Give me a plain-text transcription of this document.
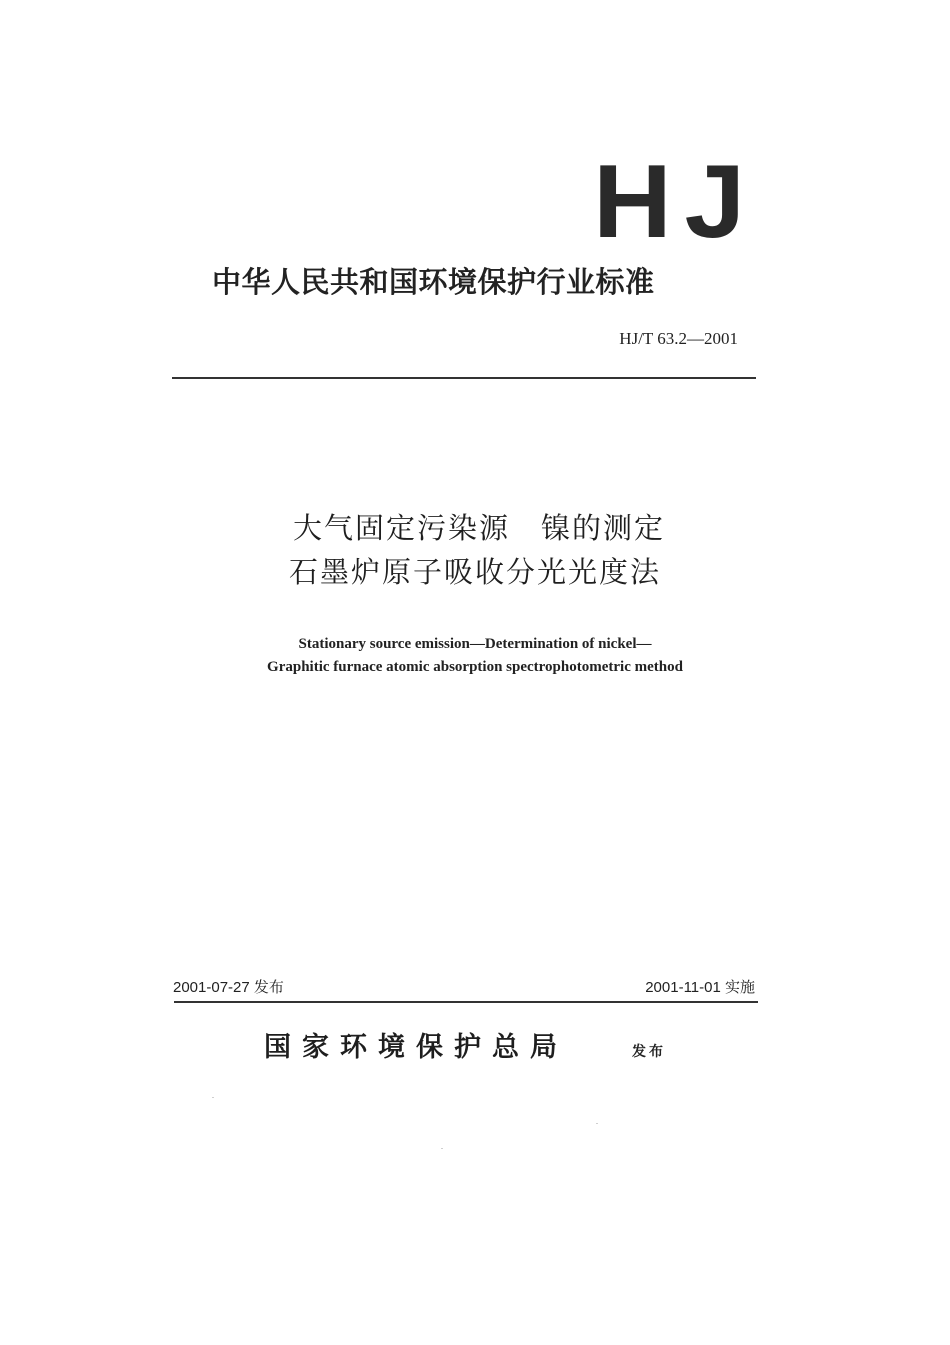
HJ
中华人民共和国环境保护行业标准
HJ/T 63.2—2001
大气固定污染源　镍的测定
石墨炉原子吸收分光光度法
Stationary source emission—Determination of nickel—
Graphitic furnace atomic absorption spectrophotometric method
2001-07-27 发布	2001-11-01 实施
国家环境保护总局	发布
